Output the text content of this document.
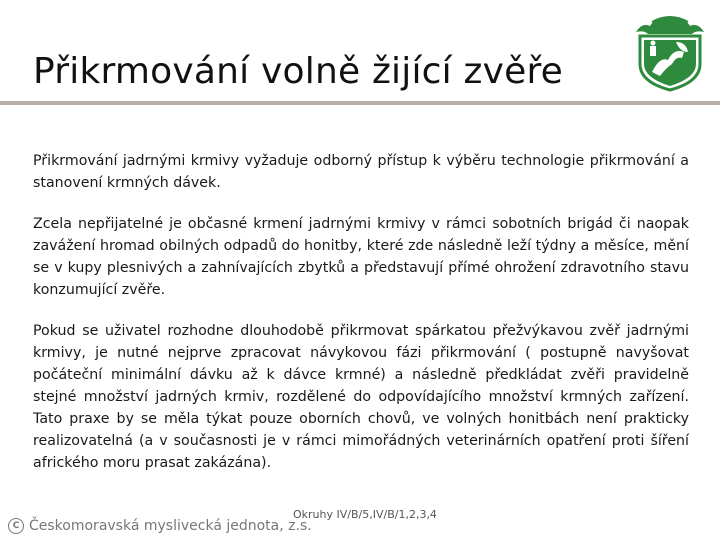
Přikrmování volně žijící zvěře

Přikrmování jadrnými krmivy vyžaduje odborný přístup k výběru technologie přikrmování a stanovení krmných dávek.

Zcela nepřijatelné je občasné krmení jadrnými krmivy v rámci sobotních brigád či naopak zavážení hromad obilných odpadů do honitby, které zde následně leží týdny a měsíce, mění se v kupy plesnivých a zahnívajících zbytků a představují přímé ohrožení zdravotního stavu konzumující zvěře.

Pokud se uživatel rozhodne dlouhodobě přikrmovat spárkatou přežvýkavou zvěř jadrnými krmivy, je nutné nejprve zpracovat návykovou fázi přikrmování ( postupně navyšovat počáteční minimální dávku až k dávce krmné) a následně předkládat zvěři pravidelně stejné množství jadrných krmiv, rozdělené do odpovídajícího množství krmných zařízení. Tato praxe by se měla týkat pouze oborních chovů, ve volných honitbách není prakticky realizovatelná (a v současnosti je v rámci mimořádných veterinárních opatření proti šíření afrického moru prasat zakázána).

Okruhy IV/B/5,IV/B/1,2,3,4
C Českomoravská myslivecká jednota, z.s.
